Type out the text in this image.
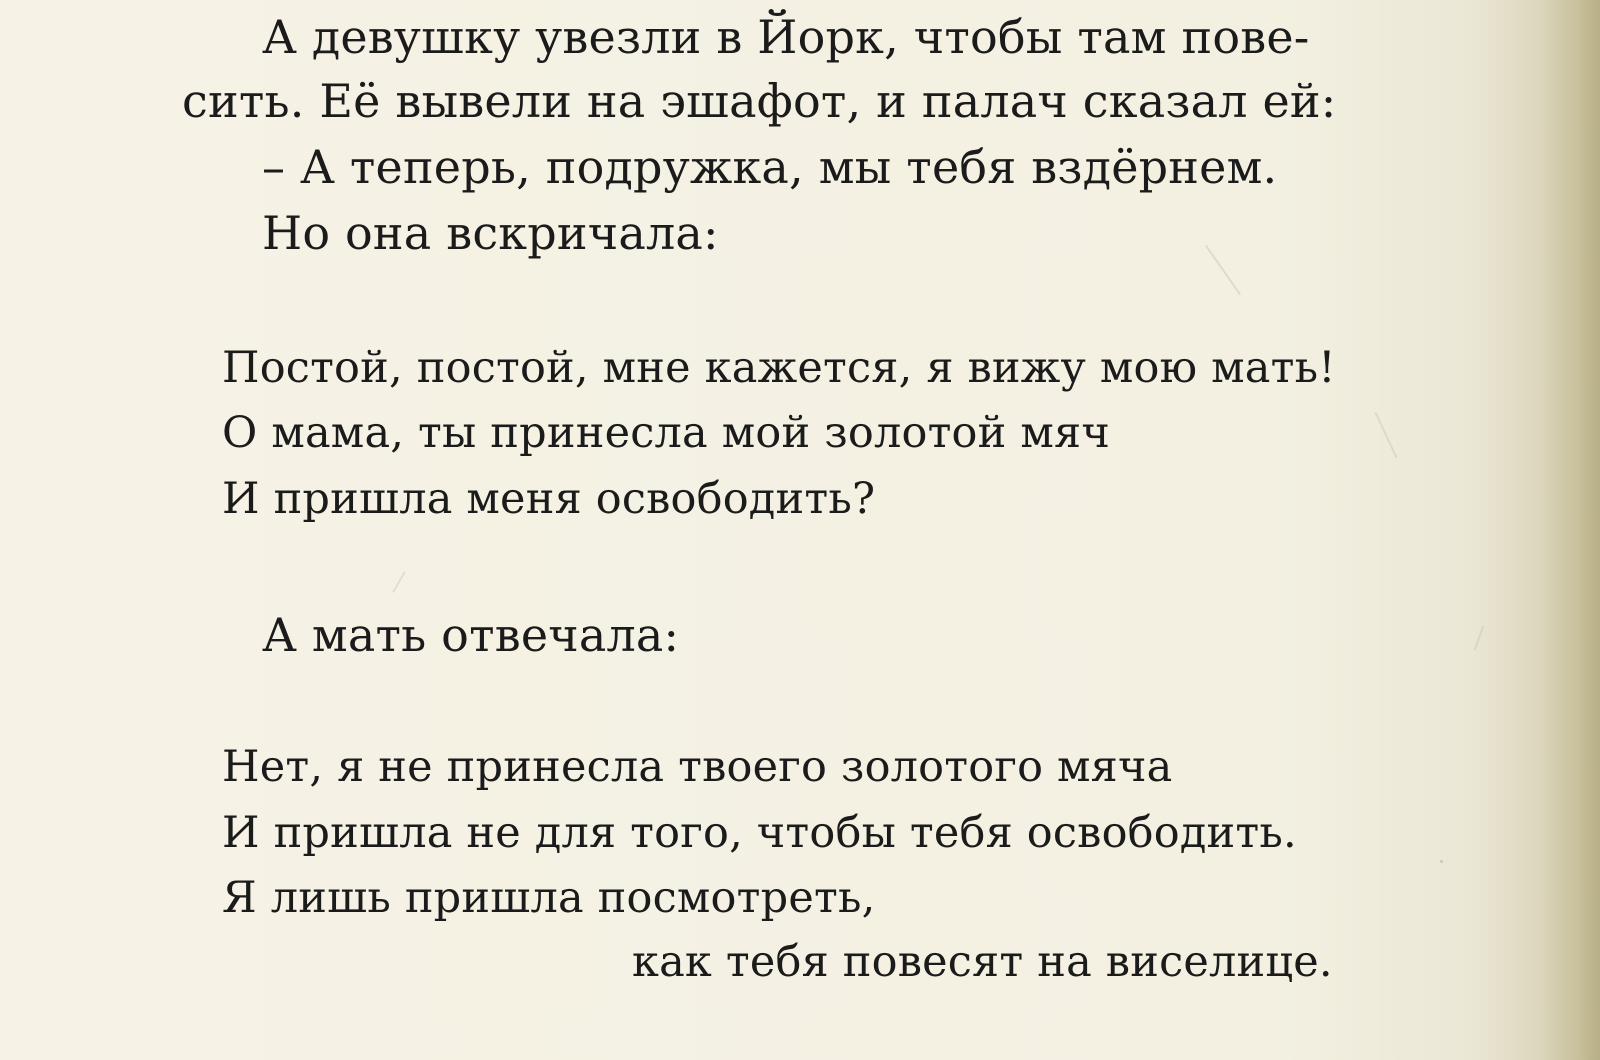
А девушку увезли в Йорк, чтобы там пове-
сить. Её вывели на эшафот, и палач сказал ей:
– А теперь, подружка, мы тебя вздёрнем.
Но она вскричала:
Постой, постой, мне кажется, я вижу мою мать!
О мама, ты принесла мой золотой мяч
И пришла меня освободить?
А мать отвечала:
Нет, я не принесла твоего золотого мяча
И пришла не для того, чтобы тебя освободить.
Я лишь пришла посмотреть,
как тебя повесят на виселице.
